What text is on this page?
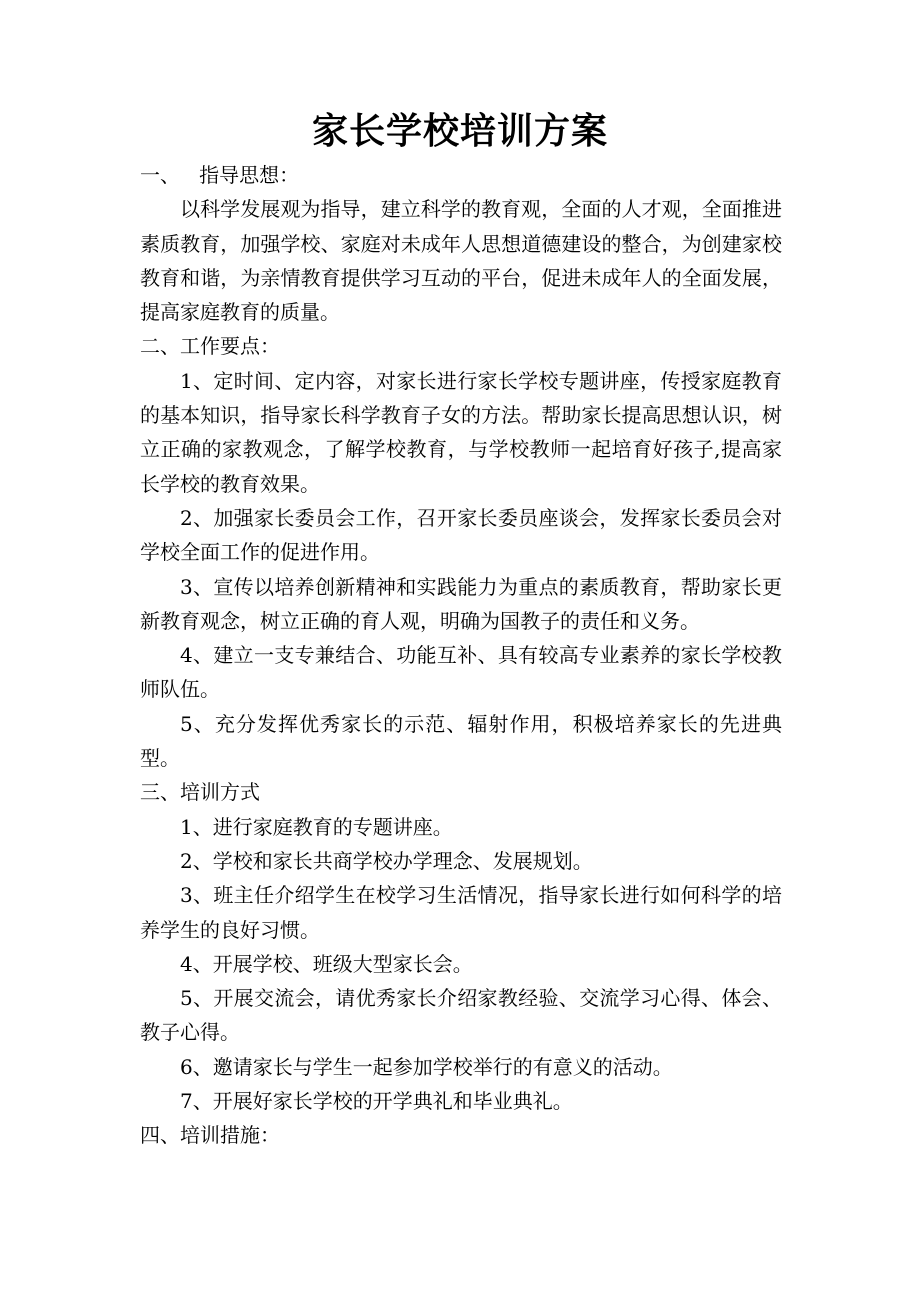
家长学校培训方案

一、   指导思想：

以科学发展观为指导，建立科学的教育观，全面的人才观，全面推进素质教育，加强学校、家庭对未成年人思想道德建设的整合，为创建家校教育和谐，为亲情教育提供学习互动的平台，促进未成年人的全面发展，提高家庭教育的质量。

二、工作要点：

1、定时间、定内容，对家长进行家长学校专题讲座，传授家庭教育的基本知识，指导家长科学教育子女的方法。帮助家长提高思想认识，树立正确的家教观念，了解学校教育，与学校教师一起培育好孩子,提高家长学校的教育效果。

2、加强家长委员会工作，召开家长委员座谈会，发挥家长委员会对学校全面工作的促进作用。

3、宣传以培养创新精神和实践能力为重点的素质教育，帮助家长更新教育观念，树立正确的育人观，明确为国教子的责任和义务。

4、建立一支专兼结合、功能互补、具有较高专业素养的家长学校教师队伍。

5、充分发挥优秀家长的示范、辐射作用，积极培养家长的先进典型。

三、培训方式

1、进行家庭教育的专题讲座。

2、学校和家长共商学校办学理念、发展规划。

3、班主任介绍学生在校学习生活情况，指导家长进行如何科学的培养学生的良好习惯。

4、开展学校、班级大型家长会。

5、开展交流会，请优秀家长介绍家教经验、交流学习心得、体会、教子心得。

6、邀请家长与学生一起参加学校举行的有意义的活动。

7、开展好家长学校的开学典礼和毕业典礼。

四、培训措施：
